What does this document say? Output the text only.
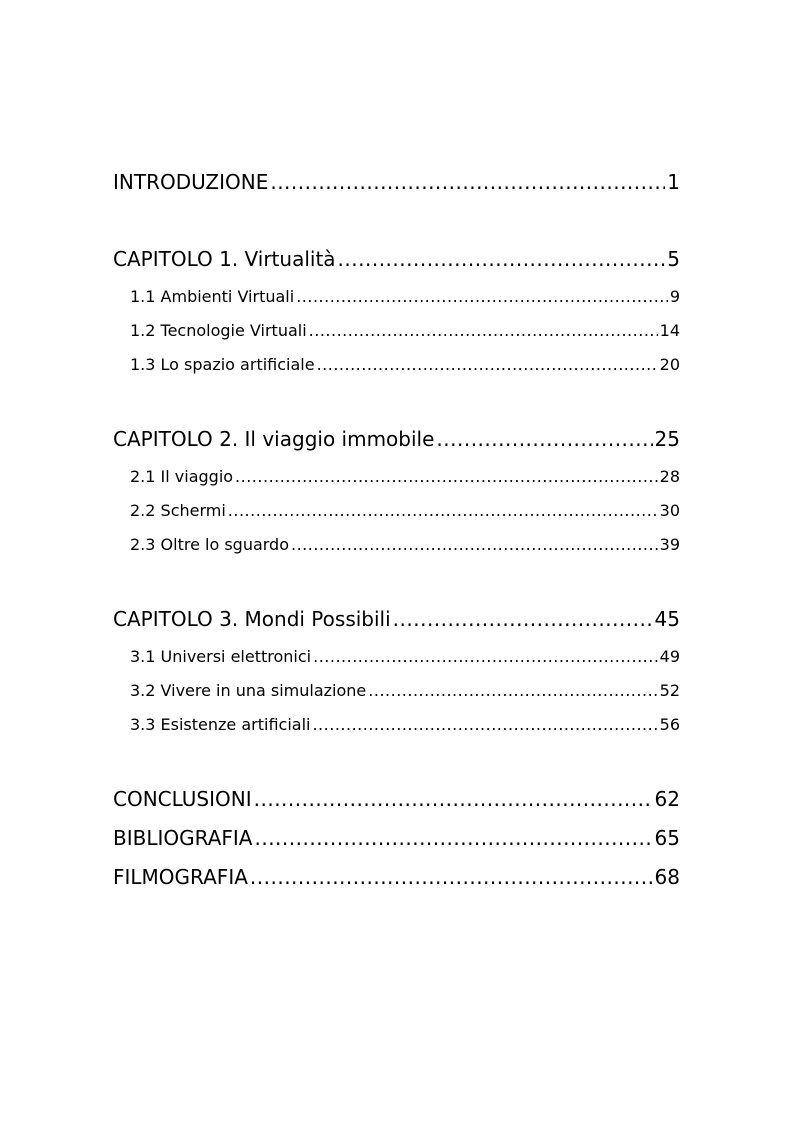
INTRODUZIONE .....	1
CAPITOLO 1. Virtualità .....	5
1.1 Ambienti Virtuali .....	9
1.2 Tecnologie Virtuali .....	14
1.3 Lo spazio artificiale .....	20
CAPITOLO 2. Il viaggio immobile .....	25
2.1 Il viaggio .....	28
2.2 Schermi .....	30
2.3 Oltre lo sguardo .....	39
CAPITOLO 3. Mondi Possibili .....	45
3.1 Universi elettronici .....	49
3.2 Vivere in una simulazione .....	52
3.3 Esistenze artificiali .....	56
CONCLUSIONI .....	62
BIBLIOGRAFIA .....	65
FILMOGRAFIA .....	68
